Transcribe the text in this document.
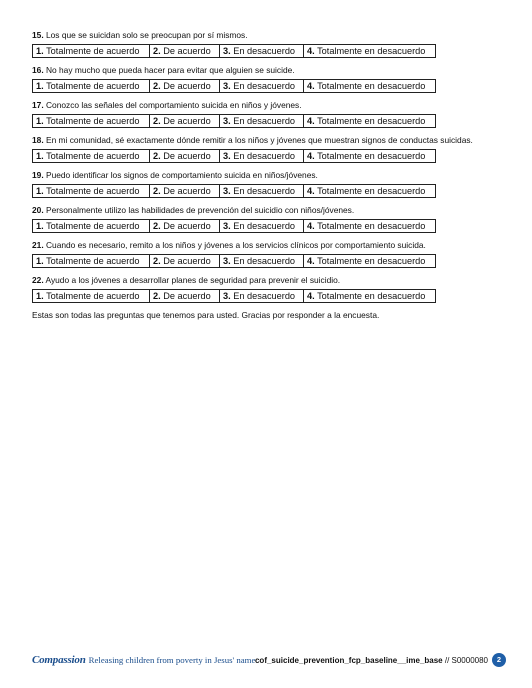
15. Los que se suicidan solo se preocupan por sí mismos.
1. Totalmente de acuerdo	2. De acuerdo	3. En desacuerdo	4. Totalmente en desacuerdo
16. No hay mucho que pueda hacer para evitar que alguien se suicide.
1. Totalmente de acuerdo	2. De acuerdo	3. En desacuerdo	4. Totalmente en desacuerdo
17. Conozco las señales del comportamiento suicida en niños y jóvenes.
1. Totalmente de acuerdo	2. De acuerdo	3. En desacuerdo	4. Totalmente en desacuerdo
18. En mi comunidad, sé exactamente dónde remitir a los niños y jóvenes que muestran signos de conductas suicidas.
1. Totalmente de acuerdo	2. De acuerdo	3. En desacuerdo	4. Totalmente en desacuerdo
19. Puedo identificar los signos de comportamiento suicida en niños/jóvenes.
1. Totalmente de acuerdo	2. De acuerdo	3. En desacuerdo	4. Totalmente en desacuerdo
20. Personalmente utilizo las habilidades de prevención del suicidio con niños/jóvenes.
1. Totalmente de acuerdo	2. De acuerdo	3. En desacuerdo	4. Totalmente en desacuerdo
21. Cuando es necesario, remito a los niños y jóvenes a los servicios clínicos por comportamiento suicida.
1. Totalmente de acuerdo	2. De acuerdo	3. En desacuerdo	4. Totalmente en desacuerdo
22. Ayudo a los jóvenes a desarrollar planes de seguridad para prevenir el suicidio.
1. Totalmente de acuerdo	2. De acuerdo	3. En desacuerdo	4. Totalmente en desacuerdo
Estas son todas las preguntas que tenemos para usted. Gracias por responder a la encuesta.
Compassion Releasing children from poverty in Jesus' name cof_suicide_prevention_fcp_baseline__ime_base // S0000080	2
